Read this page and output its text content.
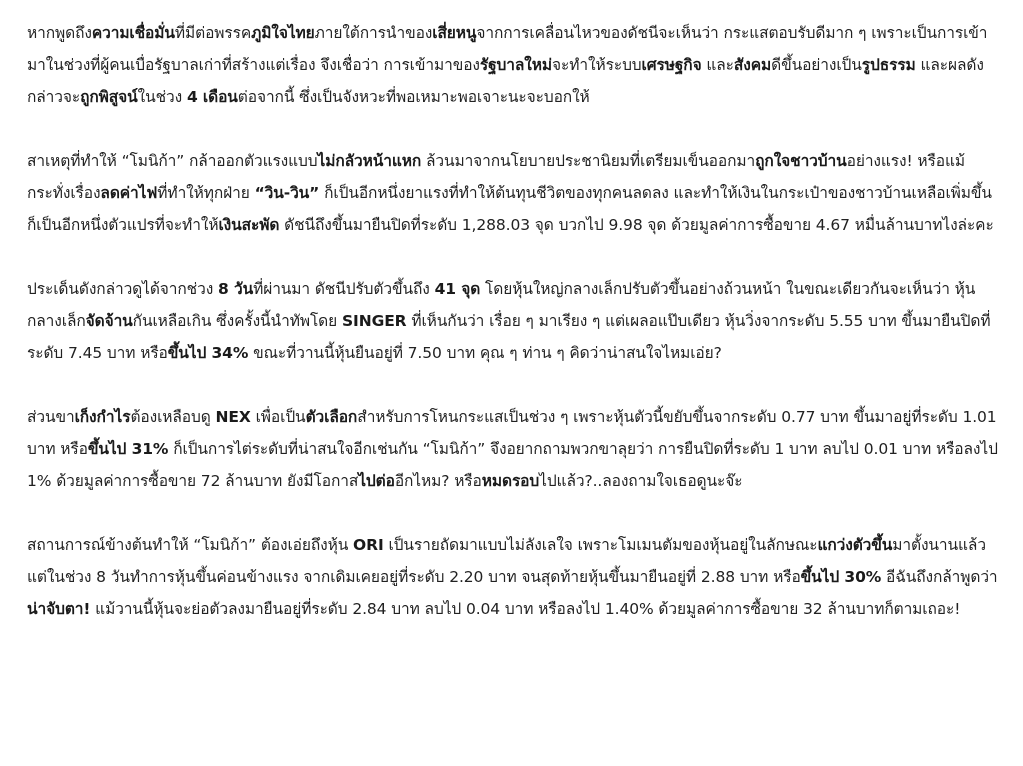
หากพูดถึงความเชื่อมั่นที่มีต่อพรรคภูมิใจไทยภายใต้การนำของเสี่ยหนูจากการเคลื่อนไหวของดัชนีจะเห็นว่า กระแสตอบรับดีมาก ๆ เพราะเป็นการเข้ามาในช่วงที่ผู้คนเบื่อรัฐบาลเก่าที่สร้างแต่เรื่อง จึงเชื่อว่า การเข้ามาของรัฐบาลใหม่จะทำให้ระบบเศรษฐกิจ และสังคมดีขึ้นอย่างเป็นรูปธรรม และผลดังกล่าวจะถูกพิสูจน์ในช่วง 4 เดือนต่อจากนี้ ซึ่งเป็นจังหวะที่พอเหมาะพอเจาะนะจะบอกให้

สาเหตุที่ทำให้ “โมนิก้า” กล้าออกตัวแรงแบบไม่กลัวหน้าแหก ล้วนมาจากนโยบายประชานิยมที่เตรียมเข็นออกมาถูกใจชาวบ้านอย่างแรง! หรือแม้กระทั่งเรื่องลดค่าไฟที่ทำให้ทุกฝ่าย “วิน-วิน” ก็เป็นอีกหนึ่งยาแรงที่ทำให้ต้นทุนชีวิตของทุกคนลดลง และทำให้เงินในกระเป๋าของชาวบ้านเหลือเพิ่มขึ้น ก็เป็นอีกหนึ่งตัวแปรที่จะทำให้เงินสะพัด ดัชนีถึงขึ้นมายืนปิดที่ระดับ 1,288.03 จุด บวกไป 9.98 จุด ด้วยมูลค่าการซื้อขาย 4.67 หมื่นล้านบาทไงล่ะคะ

ประเด็นดังกล่าวดูได้จากช่วง 8 วันที่ผ่านมา ดัชนีปรับตัวขึ้นถึง 41 จุด โดยหุ้นใหญ่กลางเล็กปรับตัวขึ้นอย่างถ้วนหน้า ในขณะเดียวกันจะเห็นว่า หุ้นกลางเล็กจัดจ้านกันเหลือเกิน ซึ่งครั้งนี้นำทัพโดย SINGER ที่เห็นกันว่า เรื่อย ๆ มาเรียง ๆ แต่เผลอแป๊บเดียว หุ้นวิ่งจากระดับ 5.55 บาท ขึ้นมายืนปิดที่ระดับ 7.45 บาท หรือขึ้นไป 34% ขณะที่วานนี้หุ้นยืนอยู่ที่ 7.50 บาท คุณ ๆ ท่าน ๆ คิดว่าน่าสนใจไหมเอ่ย?

ส่วนขาเก็งกำไรต้องเหลือบดู NEX เพื่อเป็นตัวเลือกสำหรับการโหนกระแสเป็นช่วง ๆ เพราะหุ้นตัวนี้ขยับขึ้นจากระดับ 0.77 บาท ขึ้นมาอยู่ที่ระดับ 1.01 บาท หรือขึ้นไป 31% ก็เป็นการไต่ระดับที่น่าสนใจอีกเช่นกัน “โมนิก้า” จึงอยากถามพวกขาลุยว่า การยืนปิดที่ระดับ 1 บาท ลบไป 0.01 บาท หรือลงไป 1% ด้วยมูลค่าการซื้อขาย 72 ล้านบาท ยังมีโอกาสไปต่ออีกไหม? หรือหมดรอบไปแล้ว?..ลองถามใจเธอดูนะจ๊ะ

สถานการณ์ข้างต้นทำให้ “โมนิก้า” ต้องเอ่ยถึงหุ้น ORI เป็นรายถัดมาแบบไม่ลังเลใจ เพราะโมเมนตัมของหุ้นอยู่ในลักษณะแกว่งตัวขึ้นมาตั้งนานแล้ว แต่ในช่วง 8 วันทำการหุ้นขึ้นค่อนข้างแรง จากเดิมเคยอยู่ที่ระดับ 2.20 บาท จนสุดท้ายหุ้นขึ้นมายืนอยู่ที่ 2.88 บาท หรือขึ้นไป 30% อีฉันถึงกล้าพูดว่า น่าจับตา! แม้วานนี้หุ้นจะย่อตัวลงมายืนอยู่ที่ระดับ 2.84 บาท ลบไป 0.04 บาท หรือลงไป 1.40% ด้วยมูลค่าการซื้อขาย 32 ล้านบาทก็ตามเถอะ!
